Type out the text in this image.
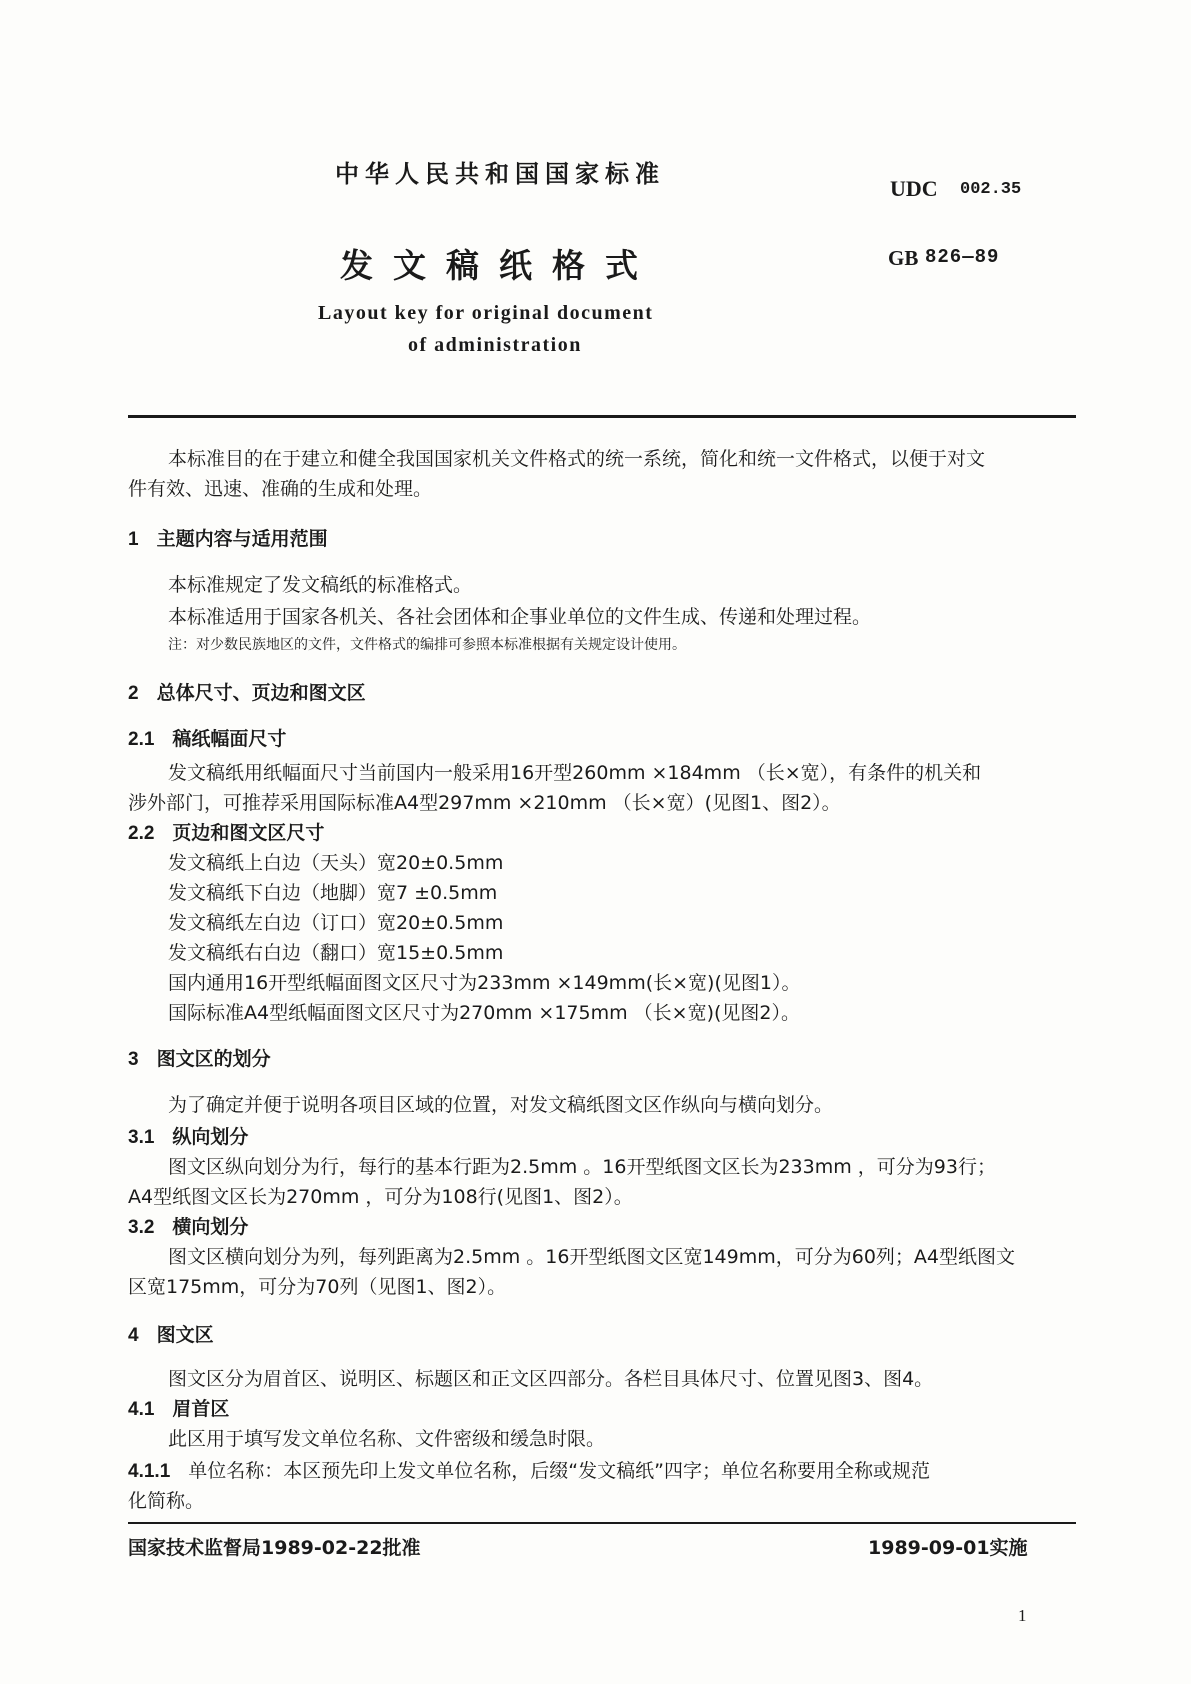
中华人民共和国国家标准
UDC 002.35
发文稿纸格式	GB 826—89
Layout key for original document
of administration
本标准目的在于建立和健全我国国家机关文件格式的统一系统，简化和统一文件格式，以便于对文
件有效、迅速、准确的生成和处理。
1 主题内容与适用范围
本标准规定了发文稿纸的标准格式。
本标准适用于国家各机关、各社会团体和企事业单位的文件生成、传递和处理过程。
注：对少数民族地区的文件，文件格式的编排可参照本标准根据有关规定设计使用。
2 总体尺寸、页边和图文区
2.1 稿纸幅面尺寸
发文稿纸用纸幅面尺寸当前国内一般采用16开型260mm ×184mm （长×宽），有条件的机关和
涉外部门，可推荐采用国际标准A4型297mm ×210mm （长×宽）(见图1、图2）。
2.2 页边和图文区尺寸
发文稿纸上白边（天头）宽20±0.5mm
发文稿纸下白边（地脚）宽7 ±0.5mm
发文稿纸左白边（订口）宽20±0.5mm
发文稿纸右白边（翻口）宽15±0.5mm
国内通用16开型纸幅面图文区尺寸为233mm ×149mm(长×宽)(见图1）。
国际标准A4型纸幅面图文区尺寸为270mm ×175mm （长×宽)(见图2）。
3 图文区的划分
为了确定并便于说明各项目区域的位置，对发文稿纸图文区作纵向与横向划分。
3.1 纵向划分
图文区纵向划分为行，每行的基本行距为2.5mm 。16开型纸图文区长为233mm ，可分为93行；
A4型纸图文区长为270mm ，可分为108行(见图1、图2）。
3.2 横向划分
图文区横向划分为列，每列距离为2.5mm 。16开型纸图文区宽149mm，可分为60列；A4型纸图文
区宽175mm，可分为70列（见图1、图2）。
4 图文区
图文区分为眉首区、说明区、标题区和正文区四部分。各栏目具体尺寸、位置见图3、图4。
4.1 眉首区
此区用于填写发文单位名称、文件密级和缓急时限。
4.1.1 单位名称：本区预先印上发文单位名称，后缀“发文稿纸”四字；单位名称要用全称或规范
化简称。
国家技术监督局1989-02-22批准	1989-09-01实施
1
